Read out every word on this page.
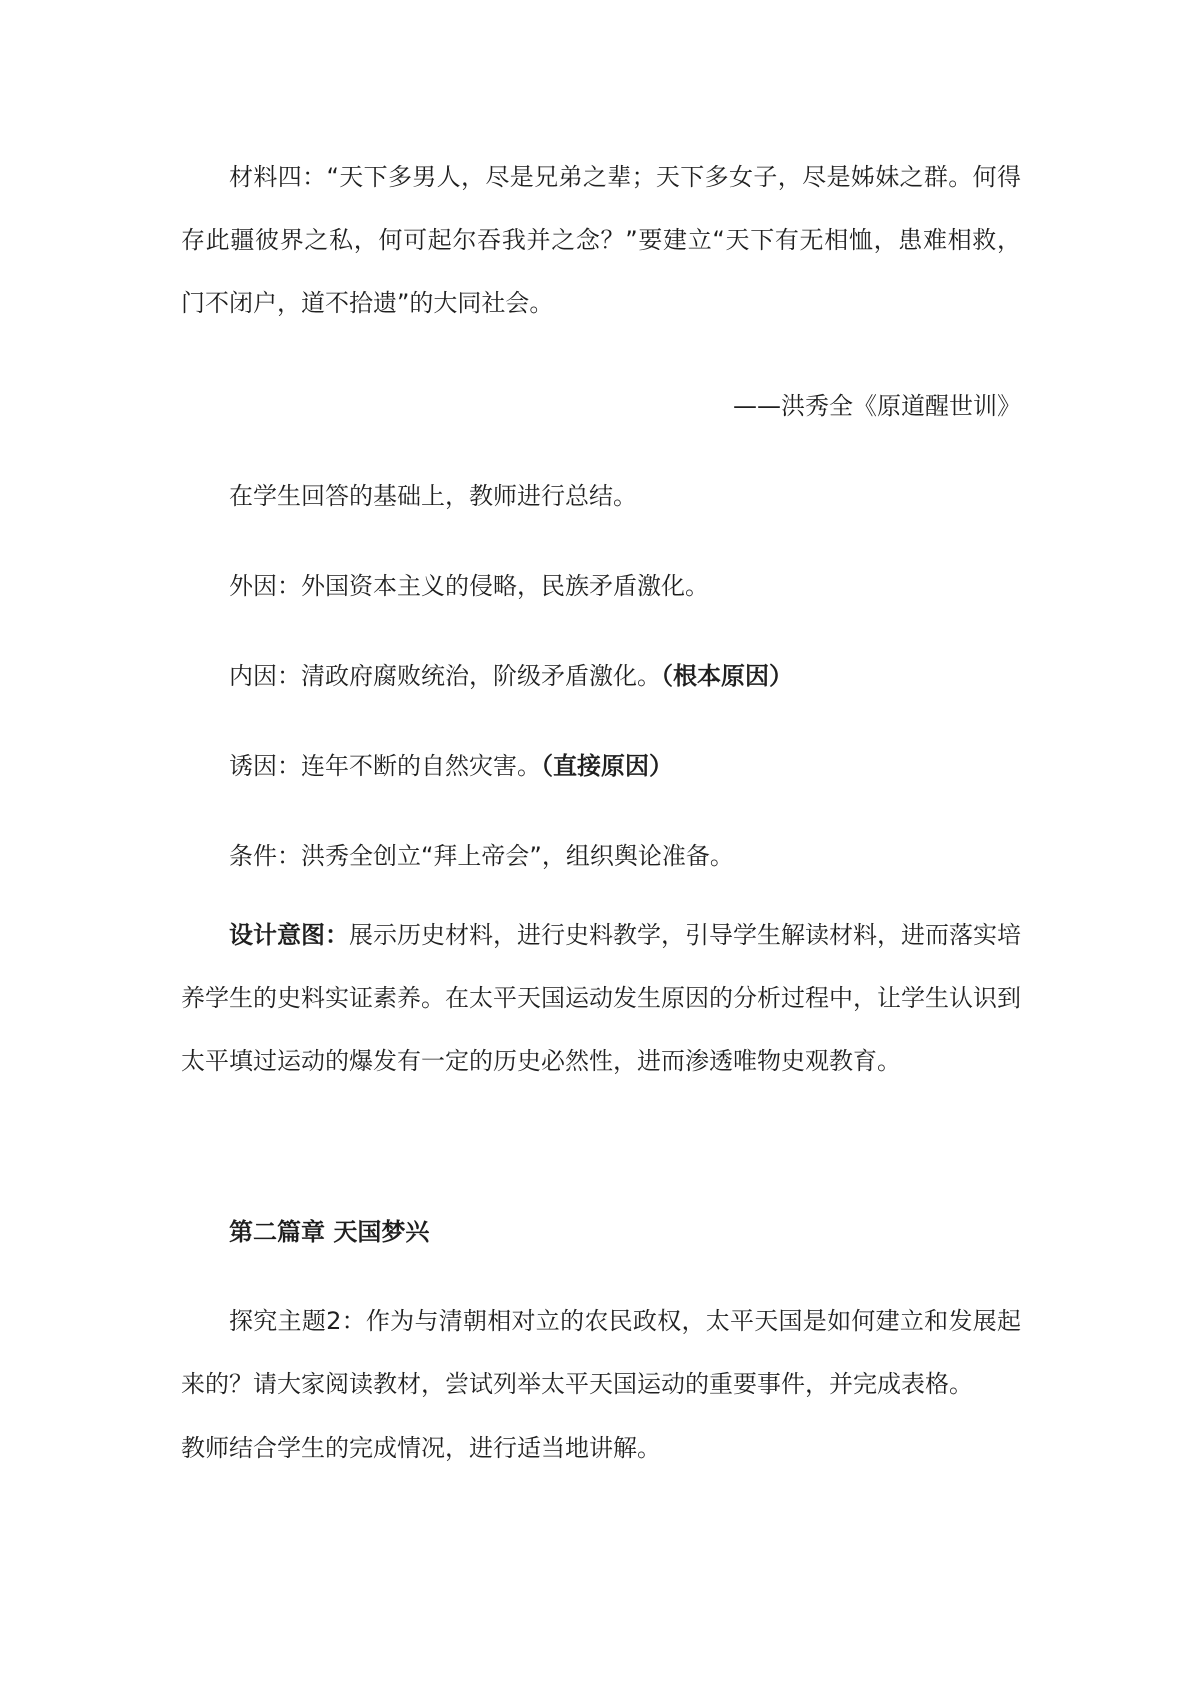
材料四：“天下多男人，尽是兄弟之辈；天下多女子，尽是姊妹之群。何得存此疆彼界之私，何可起尔吞我并之念？”要建立“天下有无相恤，患难相救，门不闭户，道不拾遗”的大同社会。

——洪秀全《原道醒世训》

在学生回答的基础上，教师进行总结。

外因：外国资本主义的侵略，民族矛盾激化。

内因：清政府腐败统治，阶级矛盾激化。（根本原因）

诱因：连年不断的自然灾害。（直接原因）

条件：洪秀全创立“拜上帝会”，组织舆论准备。

设计意图：展示历史材料，进行史料教学，引导学生解读材料，进而落实培养学生的史料实证素养。在太平天国运动发生原因的分析过程中，让学生认识到太平填过运动的爆发有一定的历史必然性，进而渗透唯物史观教育。

第二篇章 天国梦兴

探究主题2：作为与清朝相对立的农民政权，太平天国是如何建立和发展起来的？请大家阅读教材，尝试列举太平天国运动的重要事件，并完成表格。

教师结合学生的完成情况，进行适当地讲解。
